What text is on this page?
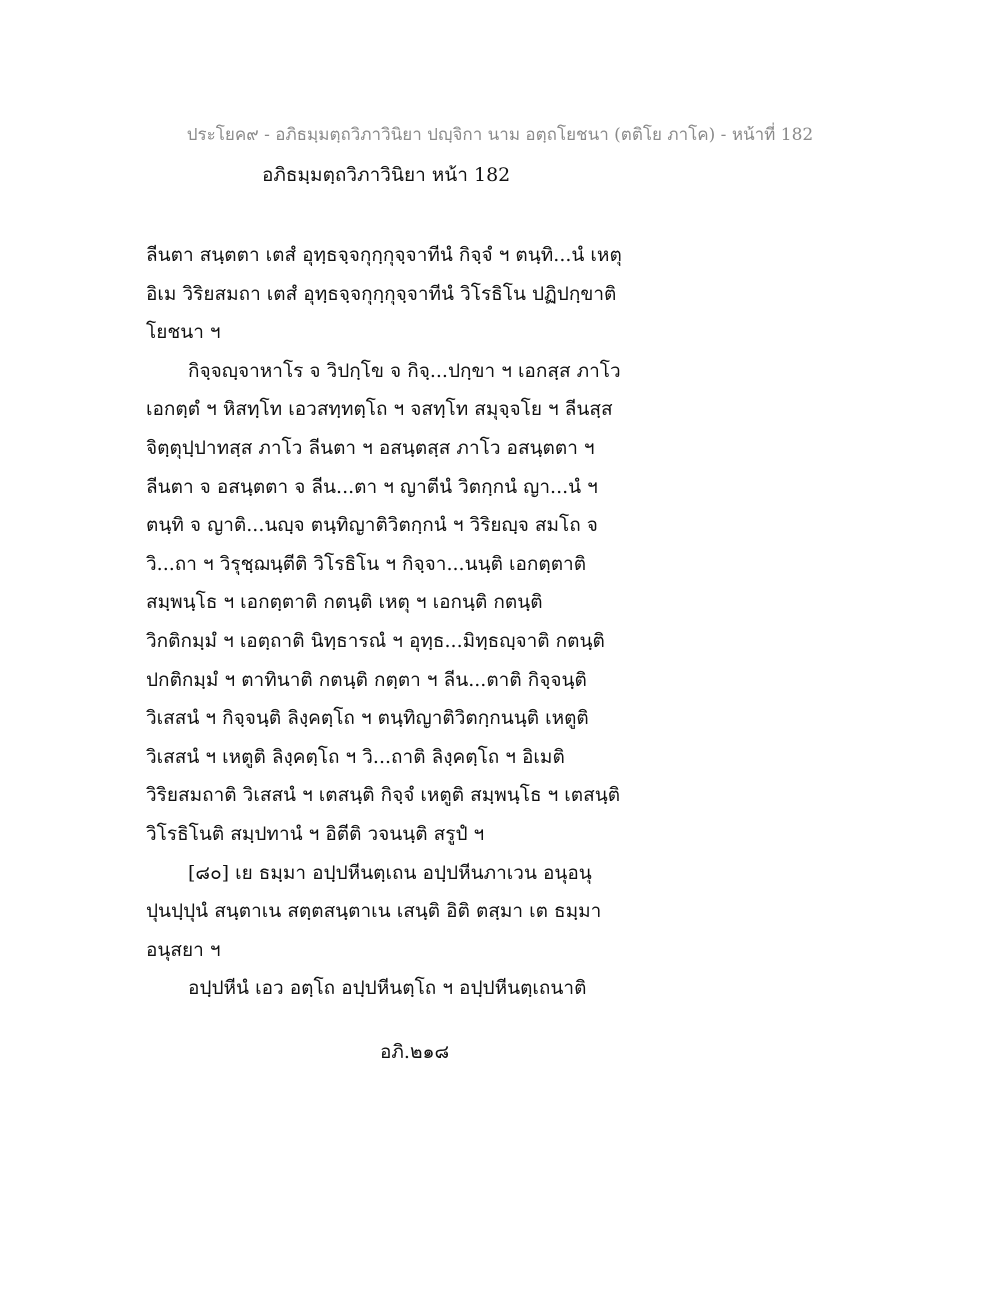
ประโยค๙ - อภิธมฺมตฺถวิภาวินิยา ปญฺจิกา นาม อตฺถโยชนา (ตติโย ภาโค) - หน้าที่ 182
อภิธมฺมตฺถวิภาวินิยา หน้า 182
ลีนตา สนฺตตา เตสํ อุทฺธจฺจกุกฺกุจฺจาทีนํ กิจฺจํ ฯ ตนฺทิ...นํ เหตุ
อิเม วิริยสมถา เตสํ อุทฺธจฺจกุกฺกุจฺจาทีนํ วิโรธิโน ปฏิปกฺขาติ
โยชนา ฯ
กิจฺจญฺจาหาโร จ วิปกฺโข จ กิจฺ...ปกฺขา ฯ เอกสฺส ภาโว
เอกตฺตํ ฯ หิสทฺโท เอวสทฺทตฺโถ ฯ จสทฺโท สมุจฺจโย ฯ ลีนสฺส
จิตฺตุปฺปาทสฺส ภาโว ลีนตา ฯ อสนฺตสฺส ภาโว อสนฺตตา ฯ
ลีนตา จ อสนฺตตา จ ลีน...ตา ฯ ญาตีนํ วิตกฺกนํ ญา...นํ ฯ
ตนฺทิ จ ญาติ...นญฺจ ตนฺทิญาติวิตกฺกนํ ฯ วิริยญฺจ สมโถ จ
วิ...ถา ฯ วิรุชฺฌนฺตีติ วิโรธิโน ฯ กิจฺจา...นนฺติ เอกตฺตาติ
สมฺพนฺโธ ฯ เอกตฺตาติ กตนฺติ เหตุ ฯ เอกนฺติ กตนฺติ
วิกติกมฺมํ ฯ เอตฺถาติ นิทฺธารณํ ฯ อุทฺธ...มิทฺธญฺจาติ กตนฺติ
ปกติกมฺมํ ฯ ตาทินาติ กตนฺติ กตฺตา ฯ ลีน...ตาติ กิจฺจนฺติ
วิเสสนํ ฯ กิจฺจนฺติ ลิงฺคตฺโถ ฯ ตนฺทิญาติวิตกฺกนนฺติ เหตูติ
วิเสสนํ ฯ เหตูติ ลิงฺคตฺโถ ฯ วิ...ถาติ ลิงฺคตฺโถ ฯ อิเมติ
วิริยสมถาติ วิเสสนํ ฯ เตสนฺติ กิจฺจํ เหตูติ สมฺพนฺโธ ฯ เตสนฺติ
วิโรธิโนติ สมฺปทานํ ฯ อิตีติ วจนนฺติ สรูปํ ฯ
[๘๐] เย ธมฺมา อปฺปหีนตฺเถน อปฺปหีนภาเวน อนุอนุ
ปุนปฺปุนํ สนฺตาเน สตฺตสนฺตาเน เสนฺติ อิติ ตสฺมา เต ธมฺมา
อนุสยา ฯ
อปฺปหีนํ เอว อตฺโถ อปฺปหีนตฺโถ ฯ อปฺปหีนตฺเถนาติ
อภิ.๒๑๘
